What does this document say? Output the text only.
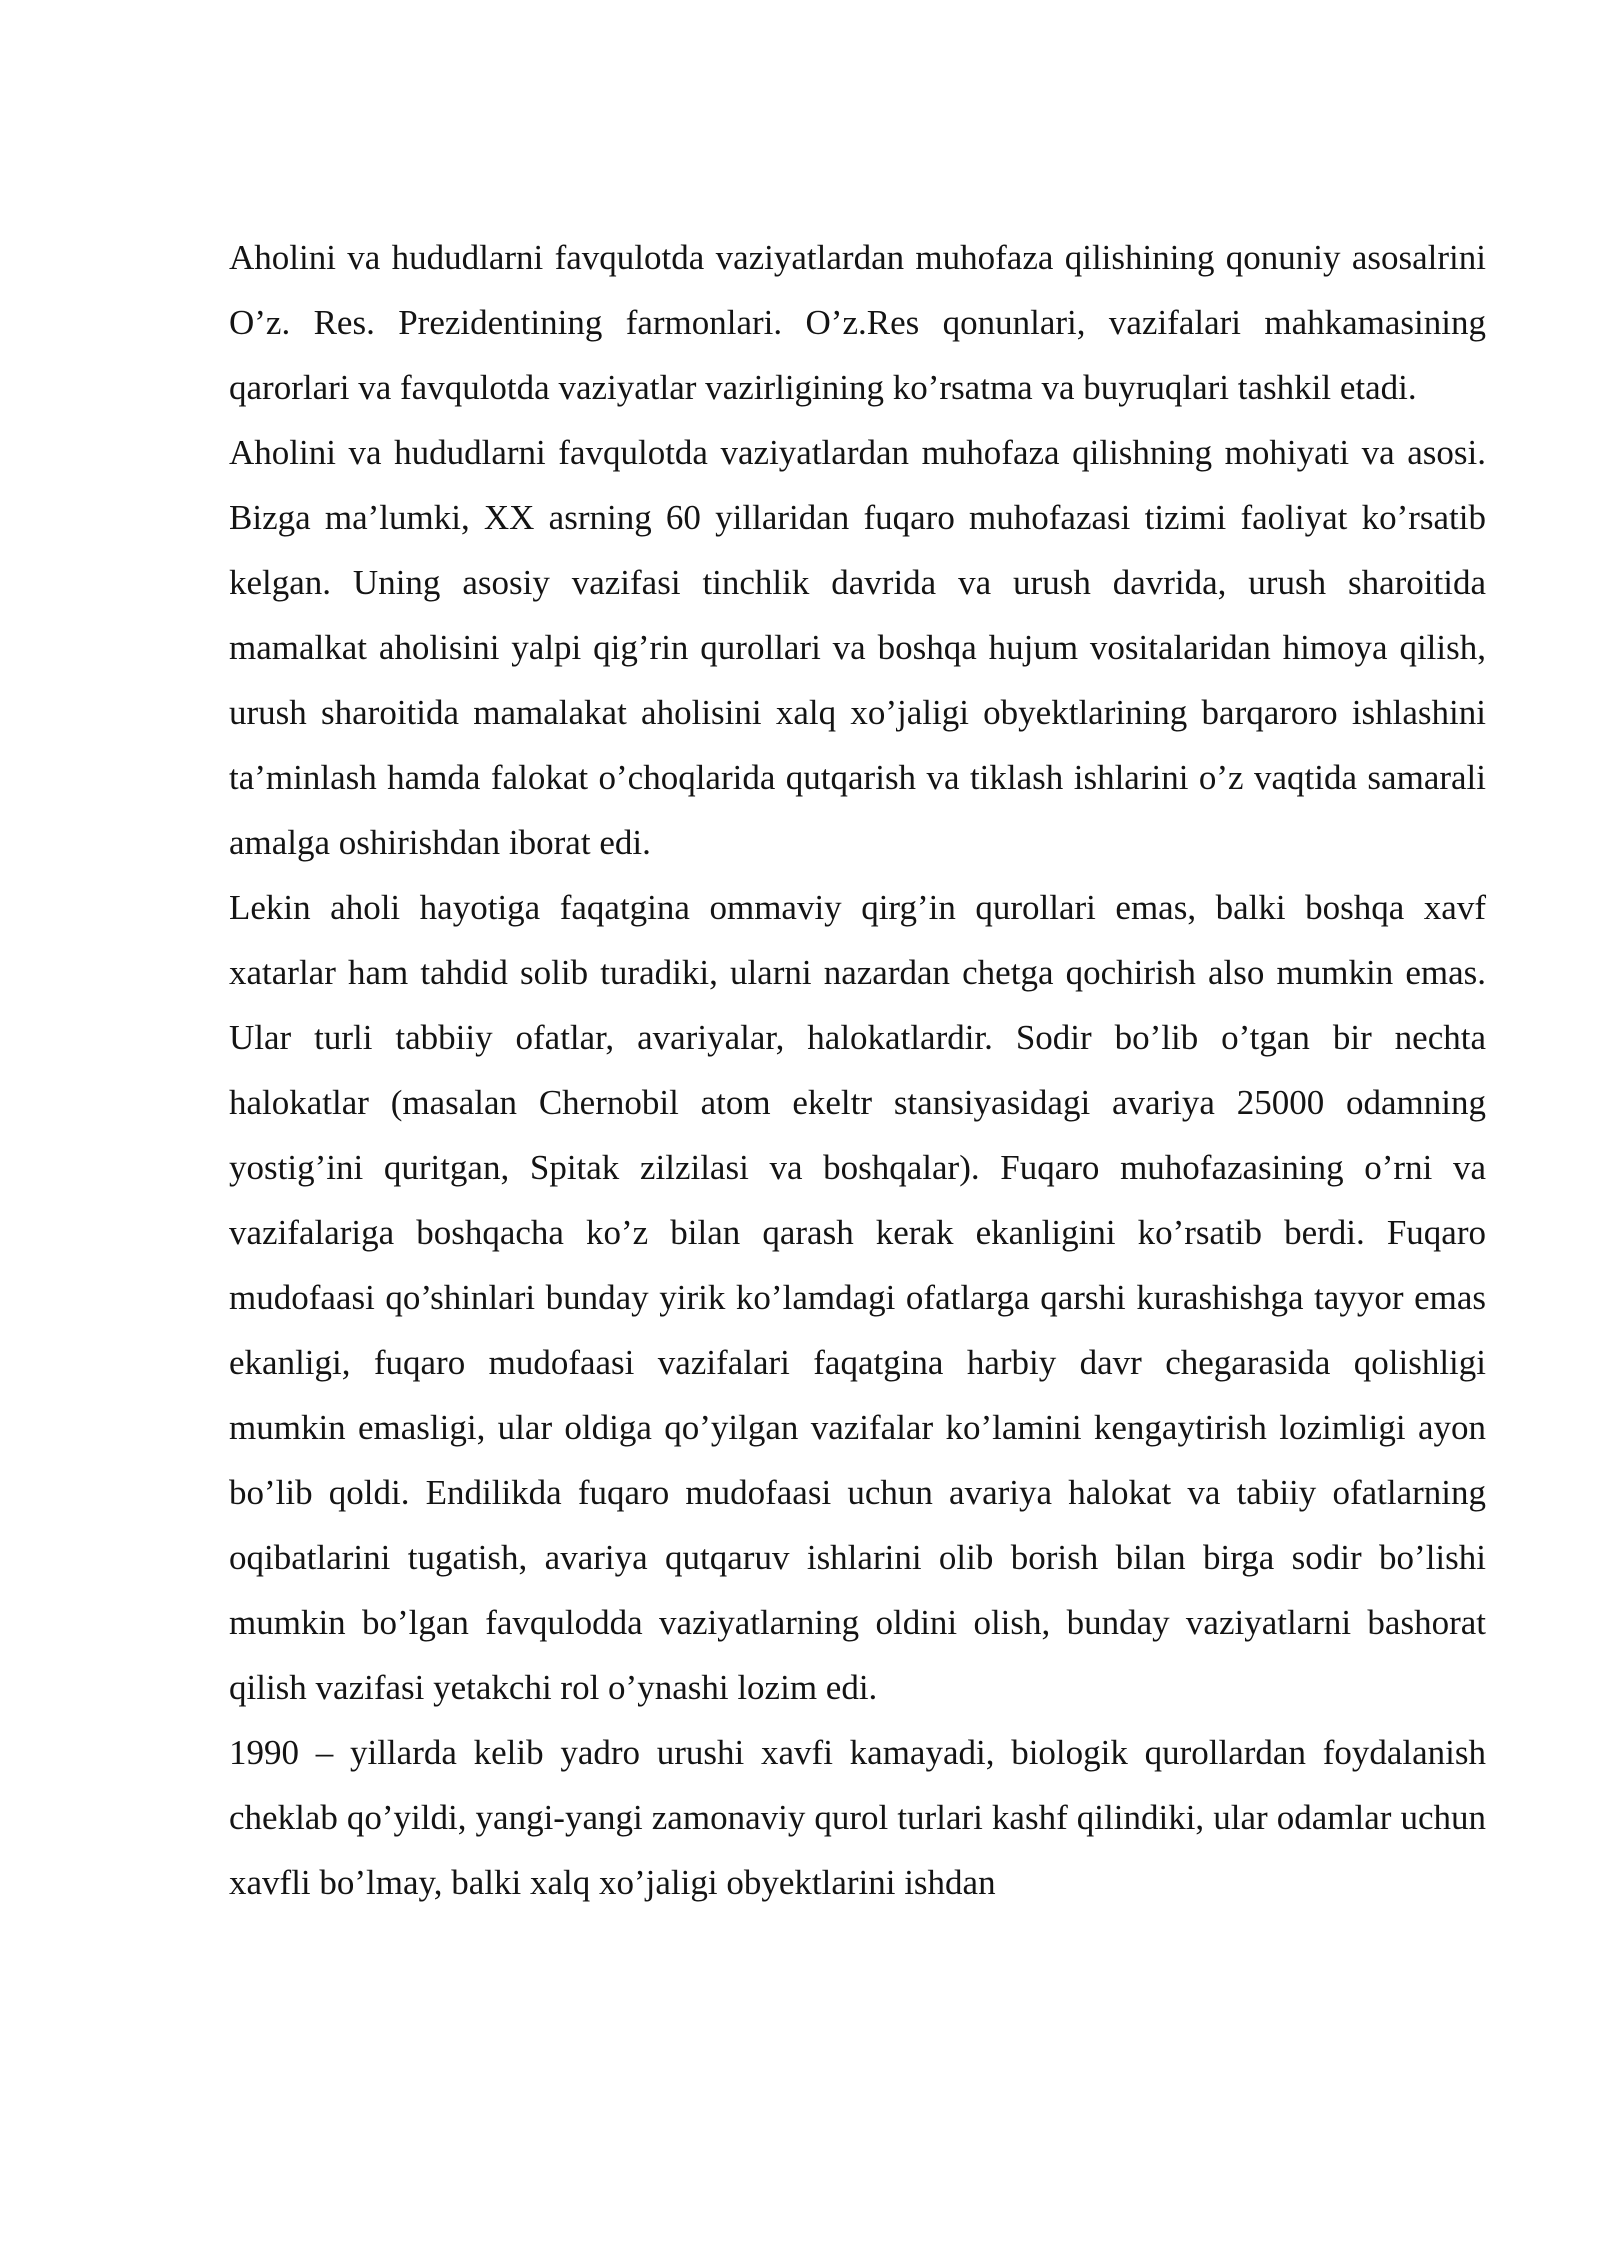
Aholini va hududlarni favqulotda vaziyatlardan muhofaza qilishining qonuniy asosalrini O’z. Res. Prezidentining farmonlari. O’z.Res qonunlari, vazifalari mahkamasining qarorlari va favqulotda vaziyatlar vazirligining ko’rsatma va buyruqlari tashkil etadi.

Aholini va hududlarni favqulotda vaziyatlardan muhofaza qilishning mohiyati va asosi. Bizga ma’lumki, XX asrning 60 yillaridan fuqaro muhofazasi tizimi faoliyat ko’rsatib kelgan. Uning asosiy vazifasi tinchlik davrida va urush davrida, urush sharoitida mamalkat aholisini yalpi qig’rin qurollari va boshqa hujum vositalaridan himoya qilish, urush sharoitida mamalakat aholisini xalq xo’jaligi obyektlarining barqaroro ishlashini ta’minlash hamda falokat o’choqlarida qutqarish va tiklash ishlarini o’z vaqtida samarali amalga oshirishdan iborat edi.

Lekin aholi hayotiga faqatgina ommaviy qirg’in qurollari emas, balki boshqa xavf xatarlar ham tahdid solib turadiki, ularni nazardan chetga qochirish also mumkin emas. Ular turli tabbiiy ofatlar, avariyalar, halokatlardir. Sodir bo’lib o’tgan bir nechta halokatlar (masalan Chernobil atom ekeltr stansiyasidagi avariya 25000 odamning yostig’ini quritgan, Spitak zilzilasi va boshqalar). Fuqaro muhofazasining o’rni va vazifalariga boshqacha ko’z bilan qarash kerak ekanligini ko’rsatib berdi. Fuqaro mudofaasi qo’shinlari bunday yirik ko’lamdagi ofatlarga qarshi kurashishga tayyor emas ekanligi, fuqaro mudofaasi vazifalari faqatgina harbiy davr chegarasida qolishligi mumkin emasligi, ular oldiga qo’yilgan vazifalar ko’lamini kengaytirish lozimligi ayon bo’lib qoldi. Endilikda fuqaro mudofaasi uchun avariya halokat va tabiiy ofatlarning oqibatlarini tugatish, avariya qutqaruv ishlarini olib borish bilan birga sodir bo’lishi mumkin bo’lgan favqulodda vaziyatlarning oldini olish, bunday vaziyatlarni bashorat qilish vazifasi yetakchi rol o’ynashi lozim edi.

1990 – yillarda kelib yadro urushi xavfi kamayadi, biologik qurollardan foydalanish cheklab qo’yildi, yangi-yangi zamonaviy qurol turlari kashf qilindiki, ular odamlar uchun xavfli bo’lmay, balki xalq xo’jaligi obyektlarini ishdan
